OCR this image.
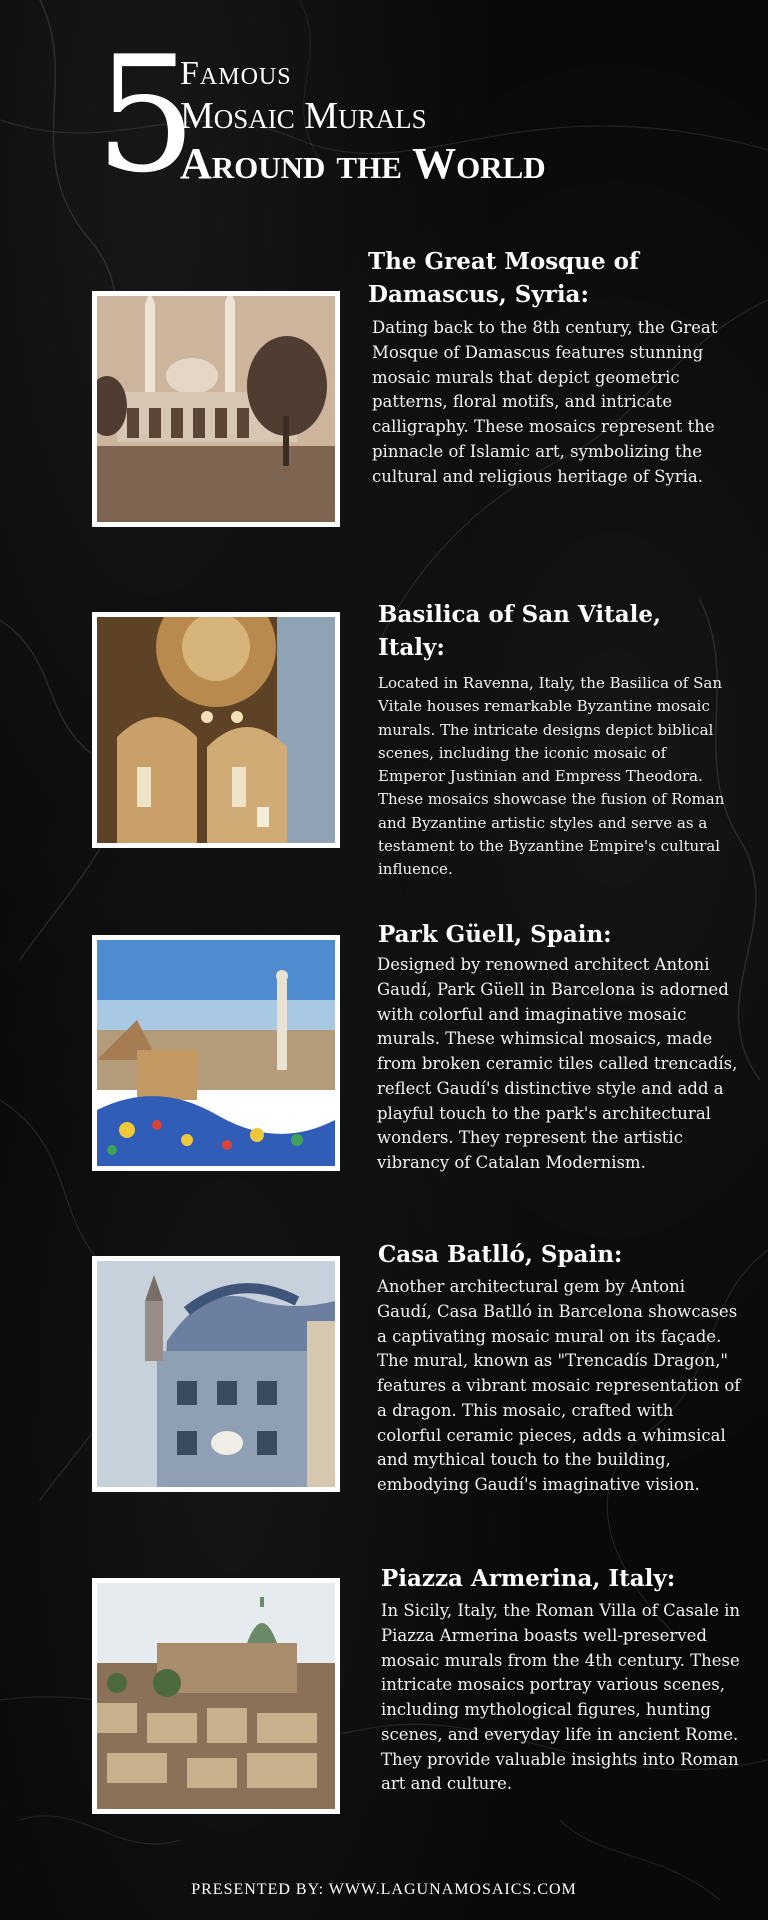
5
Famous
Mosaic Murals
Around the World
The Great Mosque of Damascus, Syria:
Dating back to the 8th century, the Great Mosque of Damascus features stunning mosaic murals that depict geometric patterns, floral motifs, and intricate calligraphy. These mosaics represent the pinnacle of Islamic art, symbolizing the cultural and religious heritage of Syria.
Basilica of San Vitale, Italy:
Located in Ravenna, Italy, the Basilica of San Vitale houses remarkable Byzantine mosaic murals. The intricate designs depict biblical scenes, including the iconic mosaic of Emperor Justinian and Empress Theodora. These mosaics showcase the fusion of Roman and Byzantine artistic styles and serve as a testament to the Byzantine Empire's cultural influence.
Park Güell, Spain:
Designed by renowned architect Antoni Gaudí, Park Güell in Barcelona is adorned with colorful and imaginative mosaic murals. These whimsical mosaics, made from broken ceramic tiles called trencadís, reflect Gaudí's distinctive style and add a playful touch to the park's architectural wonders. They represent the artistic vibrancy of Catalan Modernism.
Casa Batlló, Spain:
Another architectural gem by Antoni Gaudí, Casa Batlló in Barcelona showcases a captivating mosaic mural on its façade. The mural, known as "Trencadís Dragon," features a vibrant mosaic representation of a dragon. This mosaic, crafted with colorful ceramic pieces, adds a whimsical and mythical touch to the building, embodying Gaudí's imaginative vision.
Piazza Armerina, Italy:
In Sicily, Italy, the Roman Villa of Casale in Piazza Armerina boasts well-preserved mosaic murals from the 4th century. These intricate mosaics portray various scenes, including mythological figures, hunting scenes, and everyday life in ancient Rome. They provide valuable insights into Roman art and culture.
PRESENTED BY: WWW.LAGUNAMOSAICS.COM
